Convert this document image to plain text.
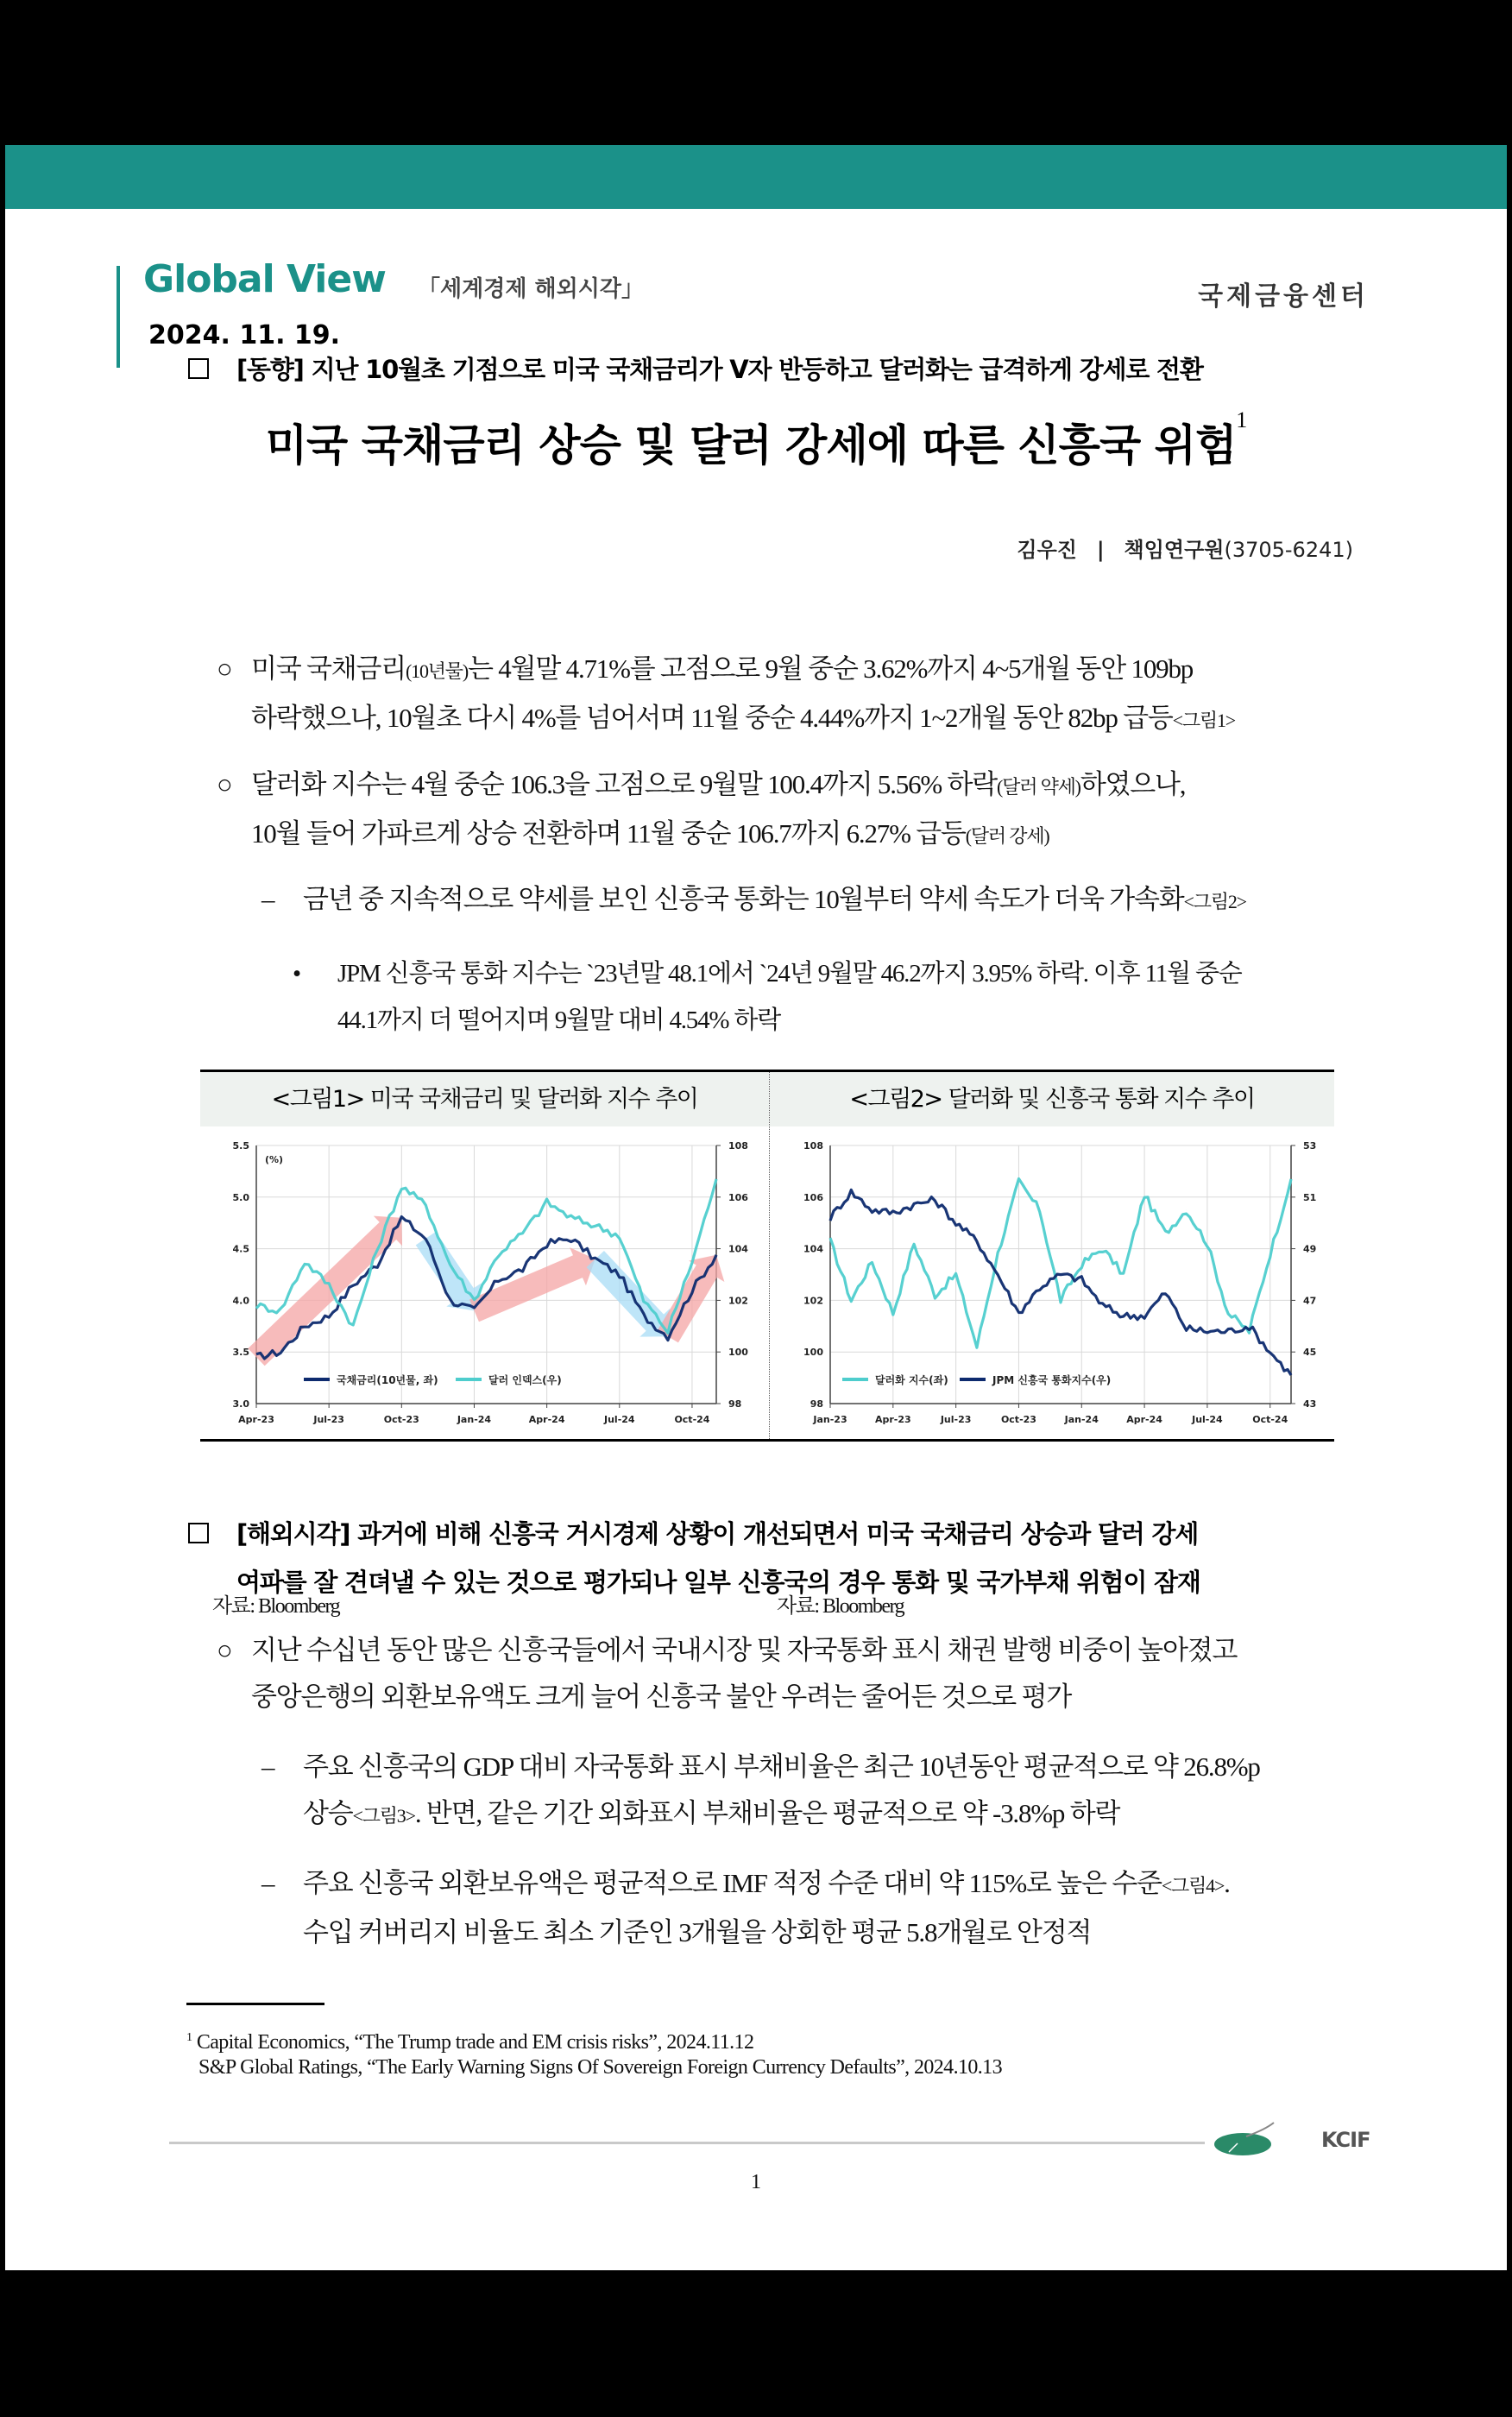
Global View 「세계경제 해외시각」
2024. 11. 19.
국제금융센터
미국 국채금리 상승 및 달러 강세에 따른 신흥국 위험$^1$
김우진 | 책임연구원(3705-6241)
[동향] 지난 10월초 기점으로 미국 국채금리가 V자 반등하고 달러화는 급격하게 강세로 전환
○ 미국 국채금리(10년물)는 4월말 4.71%를 고점으로 9월 중순 3.62%까지 4~5개월 동안 109bp
하락했으나, 10월초 다시 4%를 넘어서며 11월 중순 4.44%까지 1~2개월 동안 82bp 급등<그림1>
○ 달러화 지수는 4월 중순 106.3을 고점으로 9월말 100.4까지 5.56% 하락(달러 약세)하였으나,
10월 들어 가파르게 상승 전환하며 11월 중순 106.7까지 6.27% 급등(달러 강세)
– 금년 중 지속적으로 약세를 보인 신흥국 통화는 10월부터 약세 속도가 더욱 가속화<그림2>
• JPM 신흥국 통화 지수는 `23년말 48.1에서 `24년 9월말 46.2까지 3.95% 하락. 이후 11월 중순
44.1까지 더 떨어지며 9월말 대비 4.54% 하락
<그림1> 미국 국채금리 및 달러화 지수 추이	<그림2> 달러화 및 신흥국 통화 지수 추이
3.0	98
3.5	100
4.0	102
4.5	104
5.0	106
5.5	108
Apr-23	Jul-23	Oct-23	Jan-24	Apr-24	Jul-24	Oct-24
(%)
국채금리(10년물, 좌)	달러 인덱스(우)
98	43
100	45
102	47
104	49
106	51
108	53
Jan-23	Apr-23	Jul-23	Oct-23	Jan-24	Apr-24	Jul-24	Oct-24
달러화 지수(좌)	JPM 신흥국 통화지수(우)
자료: Bloomberg	자료: Bloomberg
[해외시각] 과거에 비해 신흥국 거시경제 상황이 개선되면서 미국 국채금리 상승과 달러 강세
여파를 잘 견뎌낼 수 있는 것으로 평가되나 일부 신흥국의 경우 통화 및 국가부채 위험이 잠재
○ 지난 수십년 동안 많은 신흥국들에서 국내시장 및 자국통화 표시 채권 발행 비중이 높아졌고
중앙은행의 외환보유액도 크게 늘어 신흥국 불안 우려는 줄어든 것으로 평가
– 주요 신흥국의 GDP 대비 자국통화 표시 부채비율은 최근 10년동안 평균적으로 약 26.8%p
상승<그림3>. 반면, 같은 기간 외화표시 부채비율은 평균적으로 약 -3.8%p 하락
– 주요 신흥국 외환보유액은 평균적으로 IMF 적정 수준 대비 약 115%로 높은 수준<그림4>.
수입 커버리지 비율도 최소 기준인 3개월을 상회한 평균 5.8개월로 안정적
$^1$ Capital Economics, “The Trump trade and EM crisis risks”, 2024.11.12
S&P Global Ratings, “The Early Warning Signs Of Sovereign Foreign Currency Defaults”, 2024.10.13
KCIF
1
